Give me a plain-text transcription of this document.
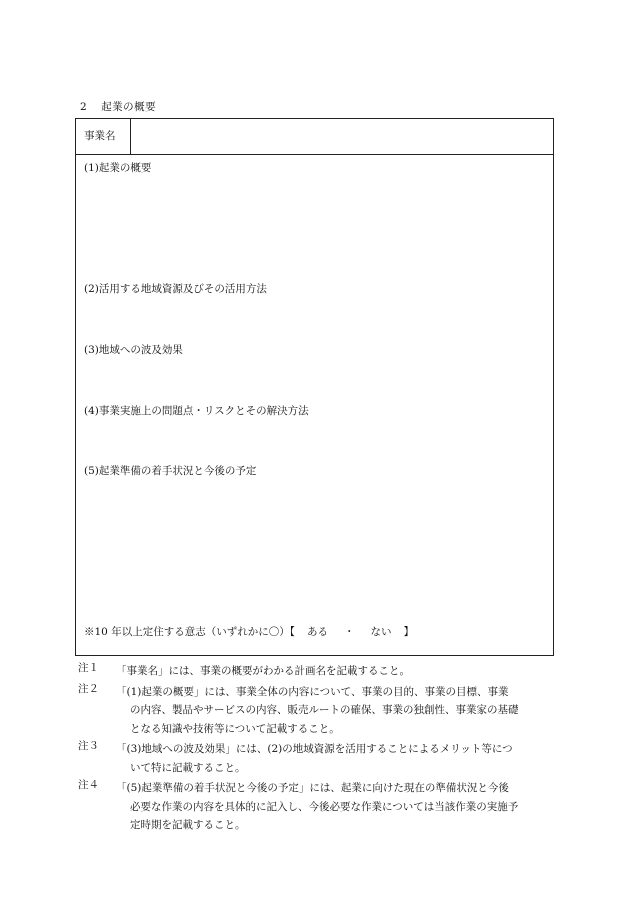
2 起業の概要
事業名
(1)起業の概要
(2)活用する地域資源及びその活用方法
(3)地域への波及効果
(4)事業実施上の問題点・リスクとその解決方法
(5)起業準備の着手状況と今後の予定
※10 年以上定住する意志（いずれかに〇）【 ある ・ ない 】
注１	「事業名」には、事業の概要がわかる計画名を記載すること。
注２	「(1)起業の概要」には、事業全体の内容について、事業の目的、事業の目標、事業
の内容、製品やサービスの内容、販売ルートの確保、事業の独創性、事業家の基礎
となる知識や技術等について記載すること。
注３	「(3)地域への波及効果」には、(2)の地域資源を活用することによるメリット等につ
いて特に記載すること。
注４	「(5)起業準備の着手状況と今後の予定」には、起業に向けた現在の準備状況と今後
必要な作業の内容を具体的に記入し、今後必要な作業については当該作業の実施予
定時期を記載すること。
